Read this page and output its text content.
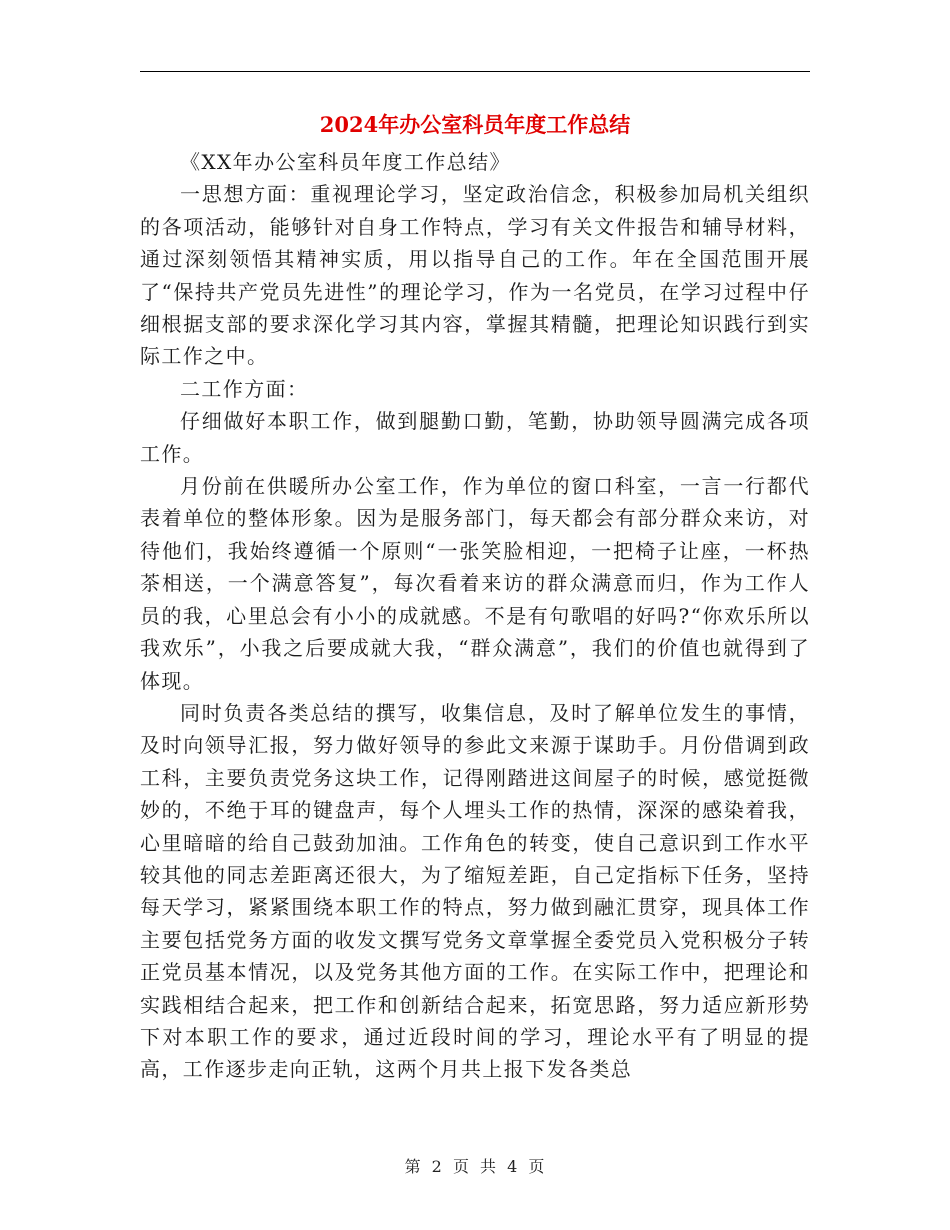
2024年办公室科员年度工作总结

《XX年办公室科员年度工作总结》

一思想方面：重视理论学习，坚定政治信念，积极参加局机关组织的各项活动，能够针对自身工作特点，学习有关文件报告和辅导材料，通过深刻领悟其精神实质，用以指导自己的工作。年在全国范围开展了“保持共产党员先进性”的理论学习，作为一名党员，在学习过程中仔细根据支部的要求深化学习其内容，掌握其精髓，把理论知识践行到实际工作之中。

二工作方面：

仔细做好本职工作，做到腿勤口勤，笔勤，协助领导圆满完成各项工作。

月份前在供暖所办公室工作，作为单位的窗口科室，一言一行都代表着单位的整体形象。因为是服务部门，每天都会有部分群众来访，对待他们，我始终遵循一个原则“一张笑脸相迎，一把椅子让座，一杯热茶相送，一个满意答复”，每次看着来访的群众满意而归，作为工作人员的我，心里总会有小小的成就感。不是有句歌唱的好吗?“你欢乐所以我欢乐”，小我之后要成就大我，“群众满意”，我们的价值也就得到了体现。

同时负责各类总结的撰写，收集信息，及时了解单位发生的事情，及时向领导汇报，努力做好领导的参此文来源于谋助手。月份借调到政工科，主要负责党务这块工作，记得刚踏进这间屋子的时候，感觉挺微妙的，不绝于耳的键盘声，每个人埋头工作的热情，深深的感染着我，心里暗暗的给自己鼓劲加油。工作角色的转变，使自己意识到工作水平较其他的同志差距离还很大，为了缩短差距，自己定指标下任务，坚持每天学习，紧紧围绕本职工作的特点，努力做到融汇贯穿，现具体工作主要包括党务方面的收发文撰写党务文章掌握全委党员入党积极分子转正党员基本情况，以及党务其他方面的工作。在实际工作中，把理论和实践相结合起来，把工作和创新结合起来，拓宽思路，努力适应新形势下对本职工作的要求，通过近段时间的学习，理论水平有了明显的提高，工作逐步走向正轨，这两个月共上报下发各类总

第 2 页 共 4 页
